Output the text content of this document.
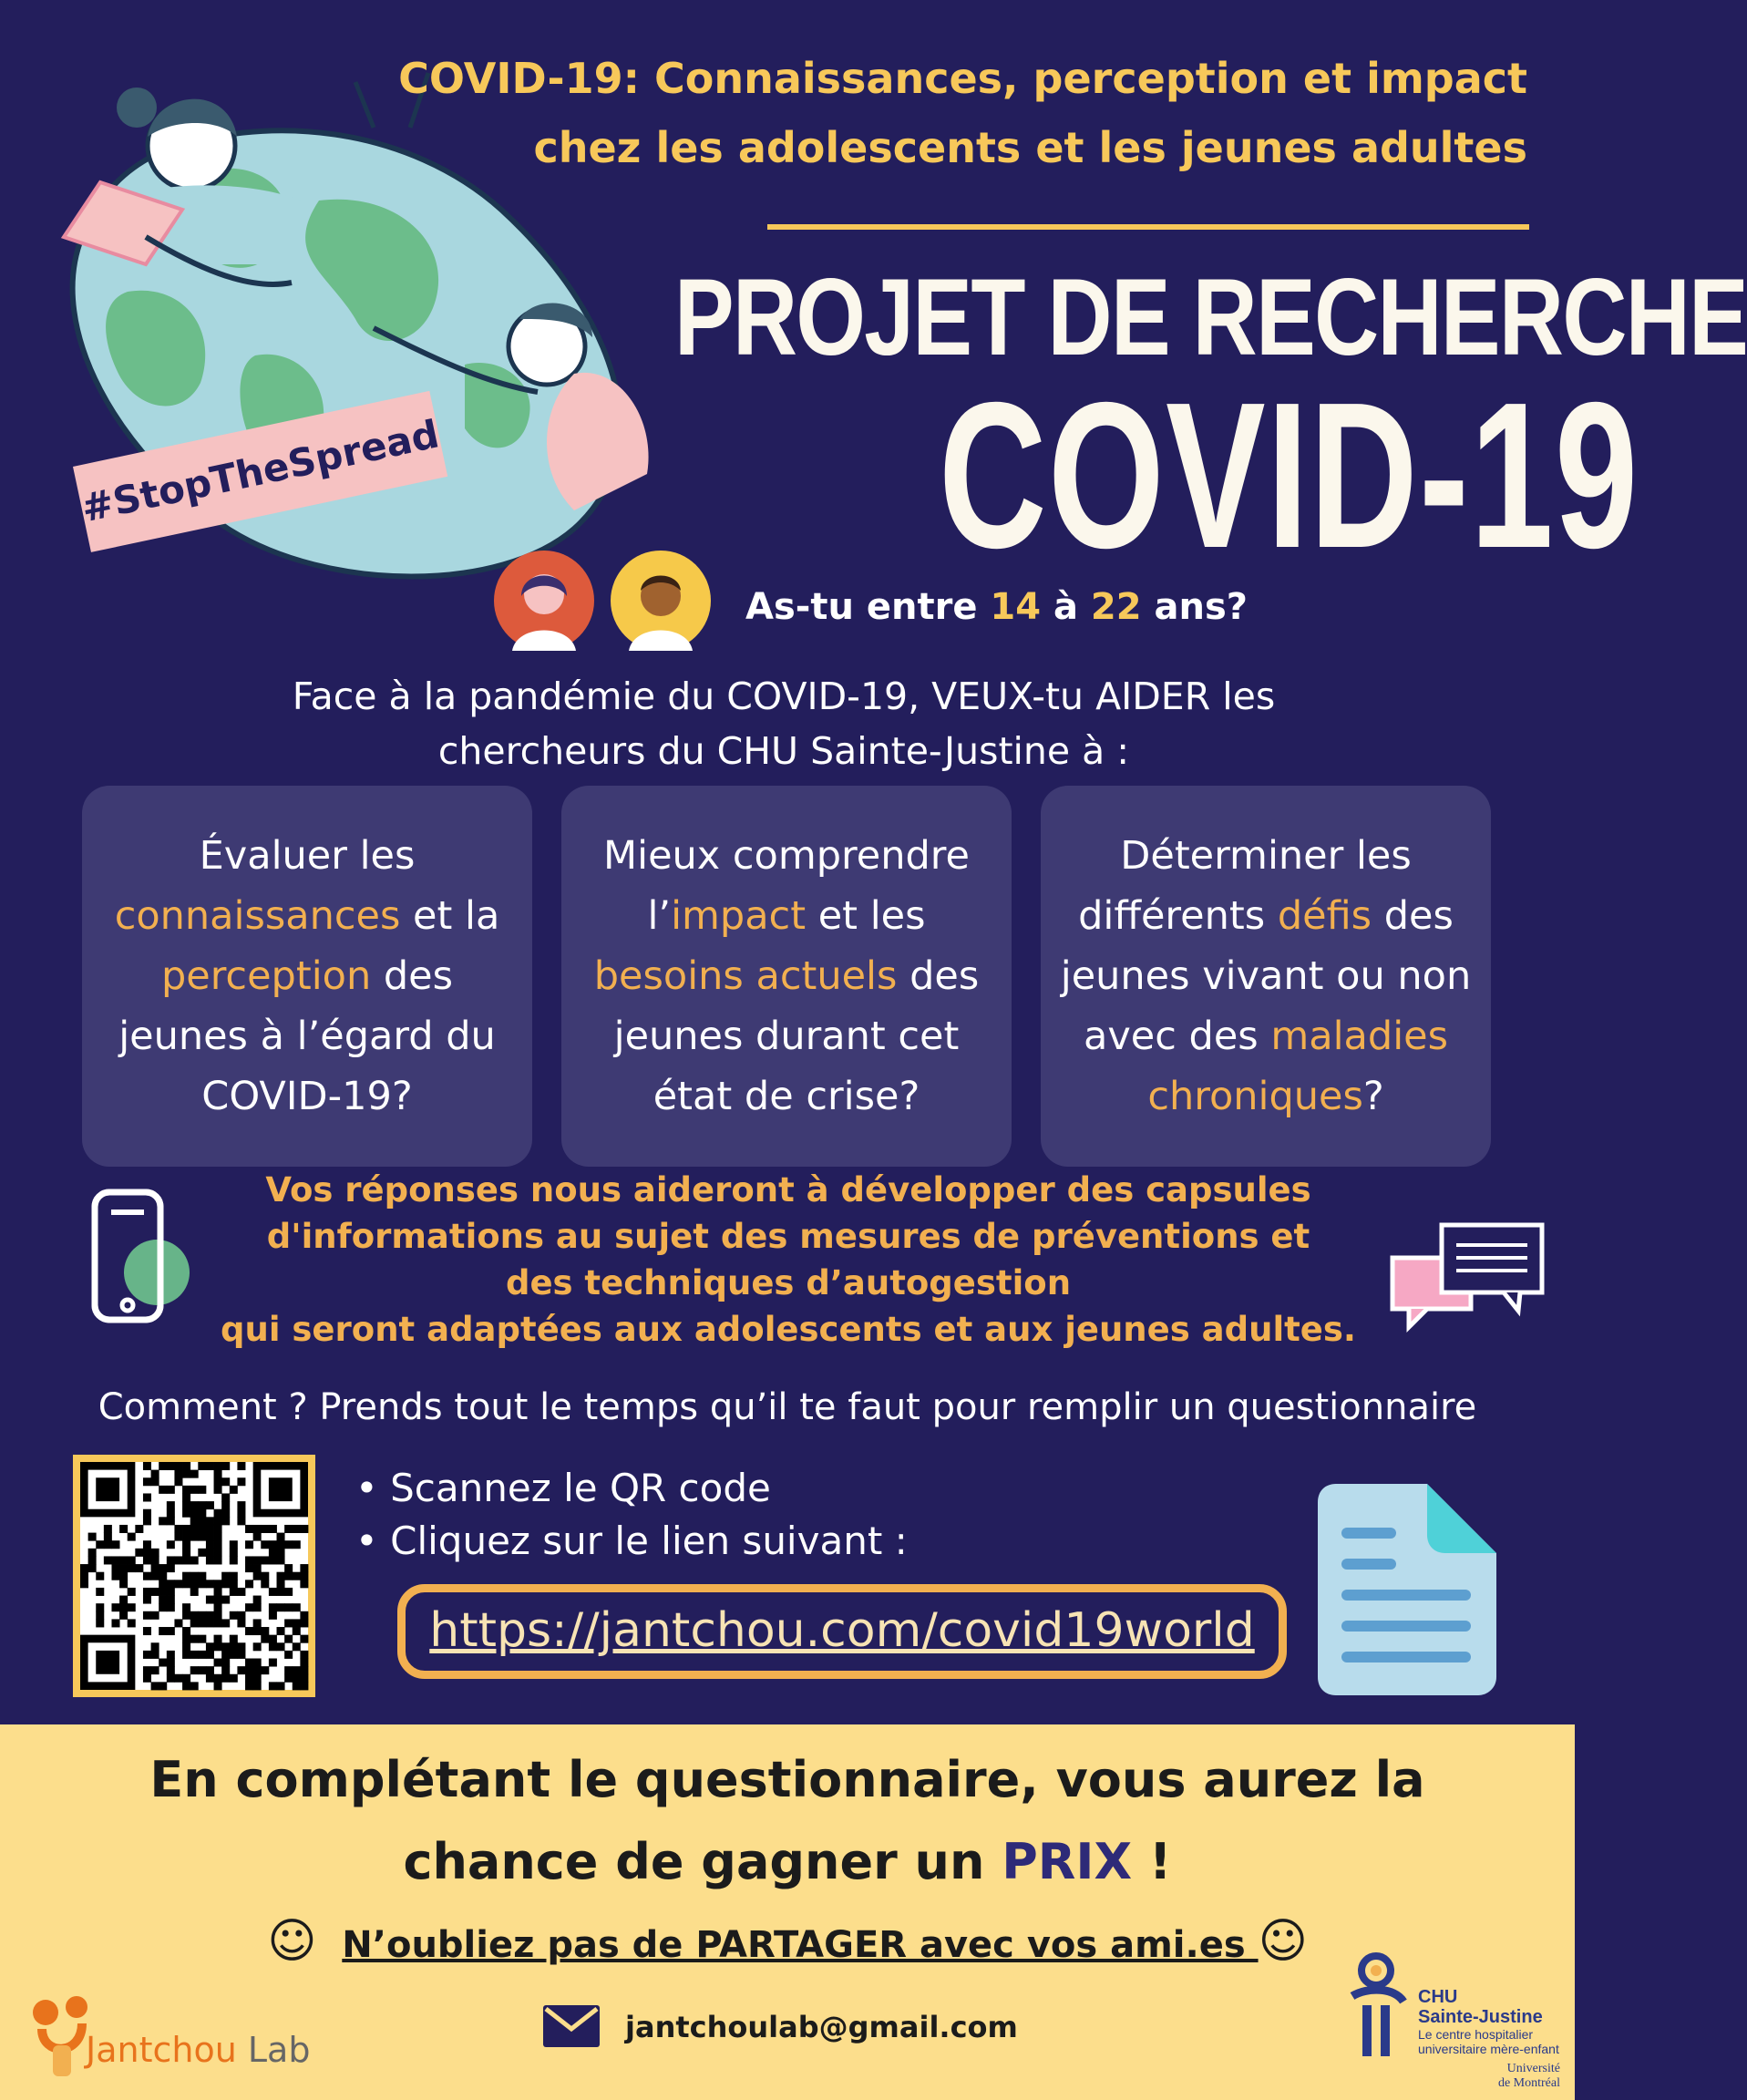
#StopTheSpread
COVID-19: Connaissances, perception et impact
chez les adolescents et les jeunes adultes
PROJET DE RECHERCHE
COVID-19
As-tu entre 14 à 22 ans?
Face à la pandémie du COVID-19, VEUX-tu AIDER les
chercheurs du CHU Sainte-Justine à :
Évaluer les
connaissances et la
perception des
jeunes à l’égard du
COVID-19?
Mieux comprendre
l’impact et les
besoins actuels des
jeunes durant cet
état de crise?
Déterminer les
différents défis des
jeunes vivant ou non
avec des maladies
chroniques?
Vos réponses nous aideront à développer des capsules
d'informations au sujet des mesures de préventions et
des techniques d’autogestion
qui seront adaptées aux adolescents et aux jeunes adultes.
Comment ? Prends tout le temps qu’il te faut pour remplir un questionnaire
• Scannez le QR code
• Cliquez sur le lien suivant :
https://jantchou.com/covid19world
En complétant le questionnaire, vous aurez la
chance de gagner un PRIX !
☺ N’oubliez pas de PARTAGER avec vos ami.es ☺
jantchoulab@gmail.com
Jantchou Lab
CHU
Sainte-Justine
Le centre hospitalier
universitaire mère-enfant
Université
de Montréal
